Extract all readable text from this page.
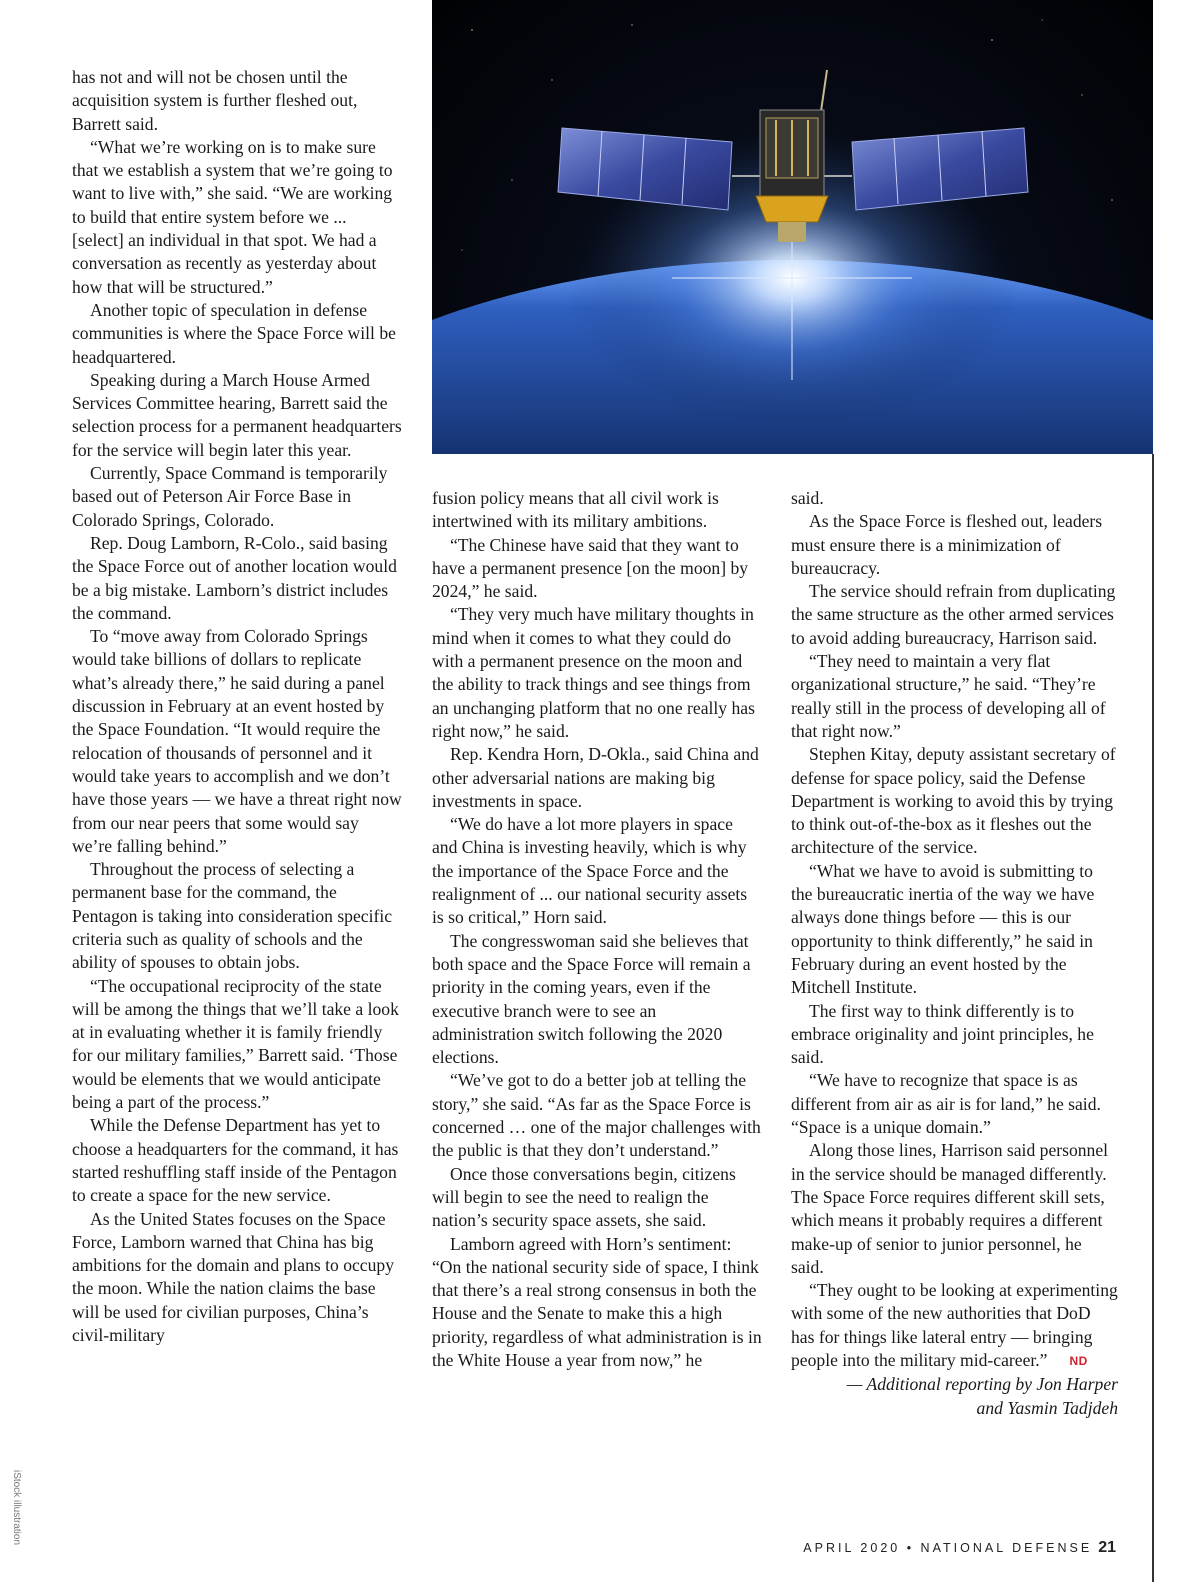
iStock illustration

has not and will not be chosen until the acquisition system is further fleshed out, Barrett said.

“What we’re working on is to make sure that we establish a system that we’re going to want to live with,” she said. “We are working to build that entire system before we ... [select] an individual in that spot. We had a conversation as recently as yesterday about how that will be structured.”

Another topic of speculation in defense communities is where the Space Force will be headquartered.

Speaking during a March House Armed Services Committee hearing, Barrett said the selection process for a permanent headquarters for the service will begin later this year.

Currently, Space Command is temporarily based out of Peterson Air Force Base in Colorado Springs, Colorado.

Rep. Doug Lamborn, R-Colo., said basing the Space Force out of another location would be a big mistake. Lamborn’s district includes the command.

To “move away from Colorado Springs would take billions of dollars to replicate what’s already there,” he said during a panel discussion in February at an event hosted by the Space Foundation. “It would require the relocation of thousands of personnel and it would take years to accomplish and we don’t have those years — we have a threat right now from our near peers that some would say we’re falling behind.”

Throughout the process of selecting a permanent base for the command, the Pentagon is taking into consideration specific criteria such as quality of schools and the ability of spouses to obtain jobs.

“The occupational reciprocity of the state will be among the things that we’ll take a look at in evaluating whether it is family friendly for our military families,” Barrett said. ‘Those would be elements that we would anticipate being a part of the process.”

While the Defense Department has yet to choose a headquarters for the command, it has started reshuffling staff inside of the Pentagon to create a space for the new service.

As the United States focuses on the Space Force, Lamborn warned that China has big ambitions for the domain and plans to occupy the moon. While the nation claims the base will be used for civilian purposes, China’s civil-military

fusion policy means that all civil work is intertwined with its military ambitions.

“The Chinese have said that they want to have a permanent presence [on the moon] by 2024,” he said.

“They very much have military thoughts in mind when it comes to what they could do with a permanent presence on the moon and the ability to track things and see things from an unchanging platform that no one really has right now,” he said.

Rep. Kendra Horn, D-Okla., said China and other adversarial nations are making big investments in space.

“We do have a lot more players in space and China is investing heavily, which is why the importance of the Space Force and the realignment of ... our national security assets is so critical,” Horn said.

The congresswoman said she believes that both space and the Space Force will remain a priority in the coming years, even if the executive branch were to see an administration switch following the 2020 elections.

“We’ve got to do a better job at telling the story,” she said. “As far as the Space Force is concerned … one of the major challenges with the public is that they don’t understand.”

Once those conversations begin, citizens will begin to see the need to realign the nation’s security space assets, she said.

Lamborn agreed with Horn’s sentiment: “On the national security side of space, I think that there’s a real strong consensus in both the House and the Senate to make this a high priority, regardless of what administration is in the White House a year from now,” he

said.

As the Space Force is fleshed out, leaders must ensure there is a minimization of bureaucracy.

The service should refrain from duplicating the same structure as the other armed services to avoid adding bureaucracy, Harrison said.

“They need to maintain a very flat organizational structure,” he said. “They’re really still in the process of developing all of that right now.”

Stephen Kitay, deputy assistant secretary of defense for space policy, said the Defense Department is working to avoid this by trying to think out-of-the-box as it fleshes out the architecture of the service.

“What we have to avoid is submitting to the bureaucratic inertia of the way we have always done things before — this is our opportunity to think differently,” he said in February during an event hosted by the Mitchell Institute.

The first way to think differently is to embrace originality and joint principles, he said.

“We have to recognize that space is as different from air as air is for land,” he said. “Space is a unique domain.”

Along those lines, Harrison said personnel in the service should be managed differently. The Space Force requires different skill sets, which means it probably requires a different make-up of senior to junior personnel, he said.

“They ought to be looking at experimenting with some of the new authorities that DoD has for things like lateral entry — bringing people into the military mid-career.” ND

— Additional reporting by Jon Harper

and Yasmin Tadjdeh

APRIL 2020 • NATIONAL DEFENSE 21
